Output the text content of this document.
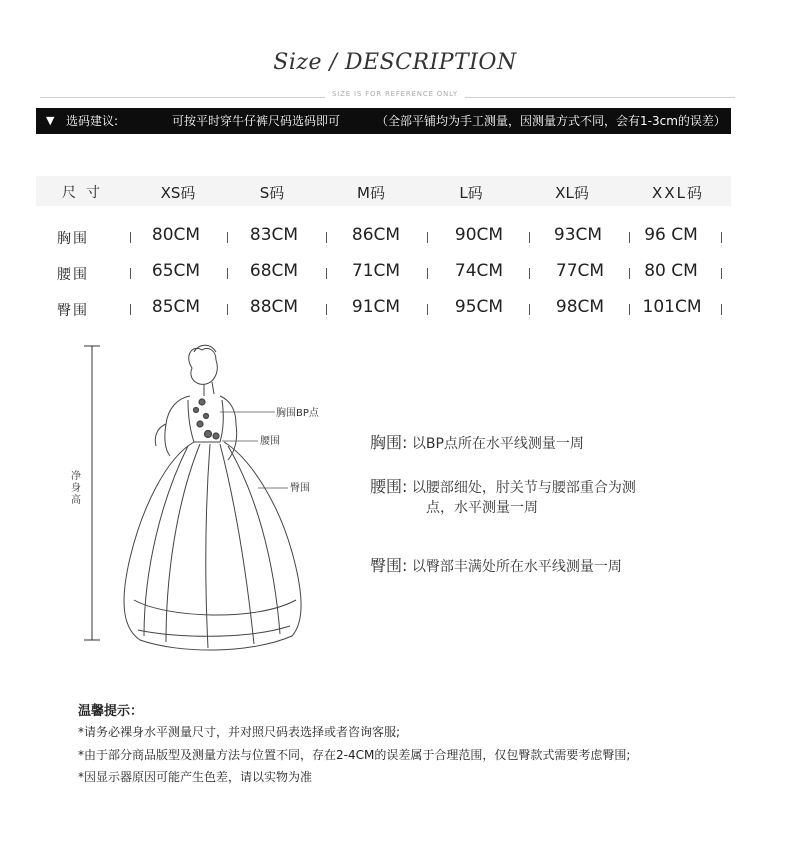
Size / DESCRIPTION
SIZE IS FOR REFERENCE ONLY
▼ 选码建议:	可按平时穿牛仔裤尺码选码即可	（全部平铺均为手工测量，因测量方式不同，会有1-3cm的误差）
尺寸	XS码	S码	M码	L码	XL码	XXL码
胸围	80CM	83CM	86CM	90CM	93CM 96 CM
腰围	65CM	68CM	71CM	74CM	77CM 80 CM
臀围	85CM	88CM	91CM	95CM	98CM 101CM
净身高
胸围BP点
腰围
臀围
胸围: 以BP点所在水平线测量一周
腰围: 以腰部细处，肘关节与腰部重合为测
点，水平测量一周
臀围: 以臀部丰满处所在水平线测量一周
温馨提示：
*请务必裸身水平测量尺寸，并对照尺码表选择或者咨询客服;
*由于部分商品版型及测量方法与位置不同，存在2-4CM的误差属于合理范围，仅包臀款式需要考虑臀围;
*因显示器原因可能产生色差，请以实物为准
